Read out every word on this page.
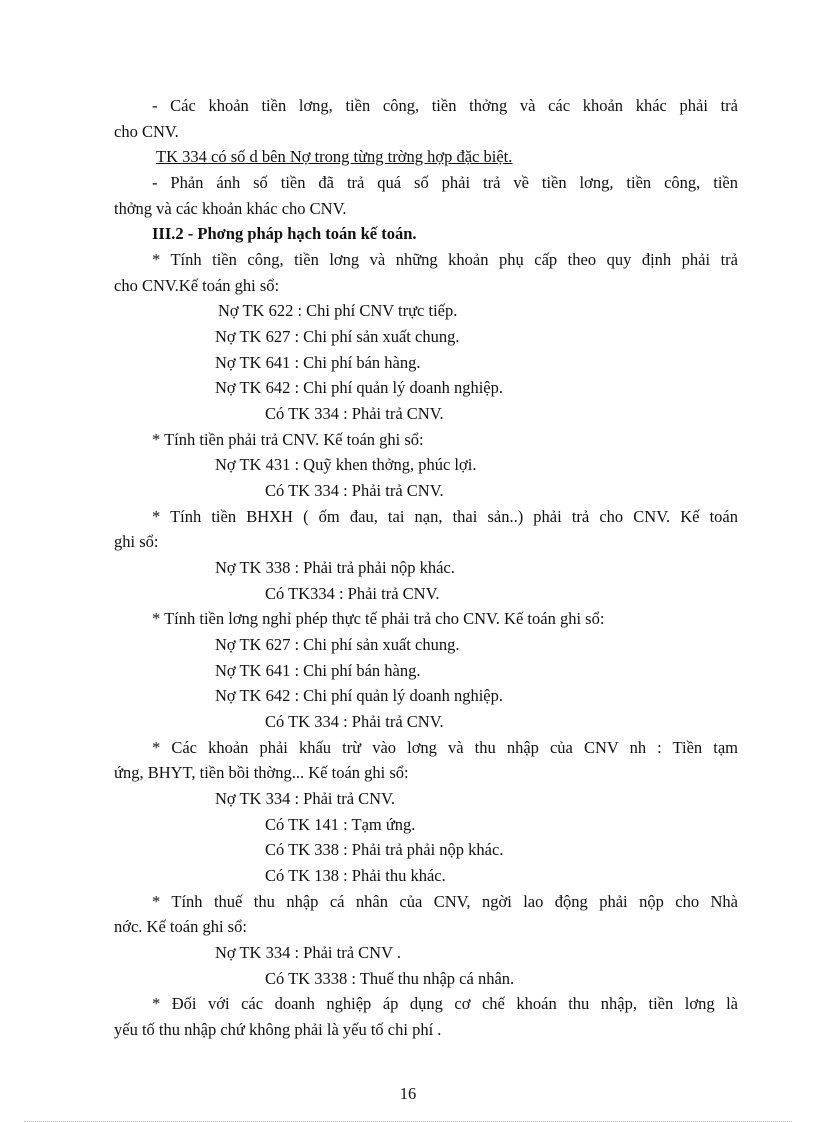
- Các khoản tiền lơng, tiền công, tiền thởng và các khoản khác phải trả
cho CNV.
TK 334 có số d bên Nợ trong từng trờng hợp đặc biệt.
- Phản ánh số tiền đã trả quá số phải trả về tiền lơng, tiền công, tiền
thởng và các khoản khác cho CNV.
III.2 - Phơng pháp hạch toán kế toán.
* Tính tiền công, tiền lơng và những khoản phụ cấp theo quy định phải trả
cho CNV.Kế toán ghi sổ:
Nợ TK 622 : Chi phí CNV trực tiếp.
Nợ TK 627 : Chi phí sản xuất chung.
Nợ TK 641 : Chi phí bán hàng.
Nợ TK 642 : Chi phí quản lý doanh nghiệp.
Có TK 334 : Phải trả CNV.
* Tính tiền phải trả CNV. Kế toán ghi sổ:
Nợ TK 431 : Quỹ khen thởng, phúc lợi.
Có TK 334 : Phải trả CNV.
* Tính tiền BHXH ( ốm đau, tai nạn, thai sản..) phải trả cho CNV. Kế toán
ghi sổ:
Nợ TK 338 : Phải trả phải nộp khác.
Có TK334 : Phải trả CNV.
* Tính tiền lơng nghỉ phép thực tế phải trả cho CNV. Kế toán ghi sổ:
Nợ TK 627 : Chi phí sản xuất chung.
Nợ TK 641 : Chi phí bán hàng.
Nợ TK 642 : Chi phí quản lý doanh nghiệp.
Có TK 334 : Phải trả CNV.
* Các khoản phải khấu trừ vào lơng và thu nhập của CNV nh : Tiền tạm
ứng, BHYT, tiền bồi thờng... Kế toán ghi sổ:
Nợ TK 334 : Phải trả CNV.
Có TK 141 : Tạm ứng.
Có TK 338 : Phải trả phải nộp khác.
Có TK 138 : Phải thu khác.
* Tính thuế thu nhập cá nhân của CNV, ngời lao động phải nộp cho Nhà
nớc. Kế toán ghi sổ:
Nợ TK 334 : Phải trả CNV .
Có TK 3338 : Thuế thu nhập cá nhân.
* Đối với các doanh nghiệp áp dụng cơ chế khoán thu nhập, tiền lơng là
yếu tố thu nhập chứ không phải là yếu tố chi phí .
16
